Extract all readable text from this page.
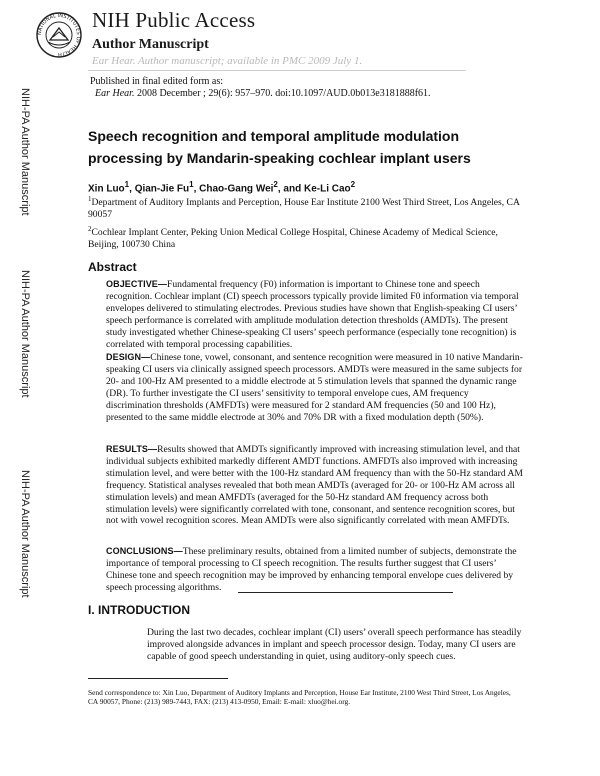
NATIONAL INSTITUTES OF HEALTH
NIH Public Access
Author Manuscript
Ear Hear. Author manuscript; available in PMC 2009 July 1.
Published in final edited form as:
Ear Hear. 2008 December ; 29(6): 957–970. doi:10.1097/AUD.0b013e3181888f61.
NIH-PA Author Manuscript
NIH-PA Author Manuscript
NIH-PA Author Manuscript
Speech recognition and temporal amplitude modulation processing by Mandarin-speaking cochlear implant users
Xin Luo$^1$, Qian-Jie Fu$^1$, Chao-Gang Wei$^2$, and Ke-Li Cao$^2$
$^1$Department of Auditory Implants and Perception, House Ear Institute 2100 West Third Street, Los Angeles, CA 90057
$^2$Cochlear Implant Center, Peking Union Medical College Hospital, Chinese Academy of Medical Science, Beijing, 100730 China
Abstract
OBJECTIVE—Fundamental frequency (F0) information is important to Chinese tone and speech recognition. Cochlear implant (CI) speech processors typically provide limited F0 information via temporal envelopes delivered to stimulating electrodes. Previous studies have shown that English-speaking CI users’ speech performance is correlated with amplitude modulation detection thresholds (AMDTs). The present study investigated whether Chinese-speaking CI users’ speech performance (especially tone recognition) is correlated with temporal processing capabilities.
DESIGN—Chinese tone, vowel, consonant, and sentence recognition were measured in 10 native Mandarin-speaking CI users via clinically assigned speech processors. AMDTs were measured in the same subjects for 20- and 100-Hz AM presented to a middle electrode at 5 stimulation levels that spanned the dynamic range (DR). To further investigate the CI users’ sensitivity to temporal envelope cues, AM frequency discrimination thresholds (AMFDTs) were measured for 2 standard AM frequencies (50 and 100 Hz), presented to the same middle electrode at 30% and 70% DR with a fixed modulation depth (50%).
RESULTS—Results showed that AMDTs significantly improved with increasing stimulation level, and that individual subjects exhibited markedly different AMDT functions. AMFDTs also improved with increasing stimulation level, and were better with the 100-Hz standard AM frequency than with the 50-Hz standard AM frequency. Statistical analyses revealed that both mean AMDTs (averaged for 20- or 100-Hz AM across all stimulation levels) and mean AMFDTs (averaged for the 50-Hz standard AM frequency across both stimulation levels) were significantly correlated with tone, consonant, and sentence recognition scores, but not with vowel recognition scores. Mean AMDTs were also significantly correlated with mean AMFDTs.
CONCLUSIONS—These preliminary results, obtained from a limited number of subjects, demonstrate the importance of temporal processing to CI speech recognition. The results further suggest that CI users’ Chinese tone and speech recognition may be improved by enhancing temporal envelope cues delivered by speech processing algorithms.
I. INTRODUCTION
During the last two decades, cochlear implant (CI) users’ overall speech performance has steadily improved alongside advances in implant and speech processor design. Today, many CI users are capable of good speech understanding in quiet, using auditory-only speech cues.
Send correspondence to: Xin Luo, Department of Auditory Implants and Perception, House Ear Institute, 2100 West Third Street, Los Angeles, CA 90057, Phone: (213) 989-7443, FAX: (213) 413-0950, Email: E-mail: xluo@hei.org.
